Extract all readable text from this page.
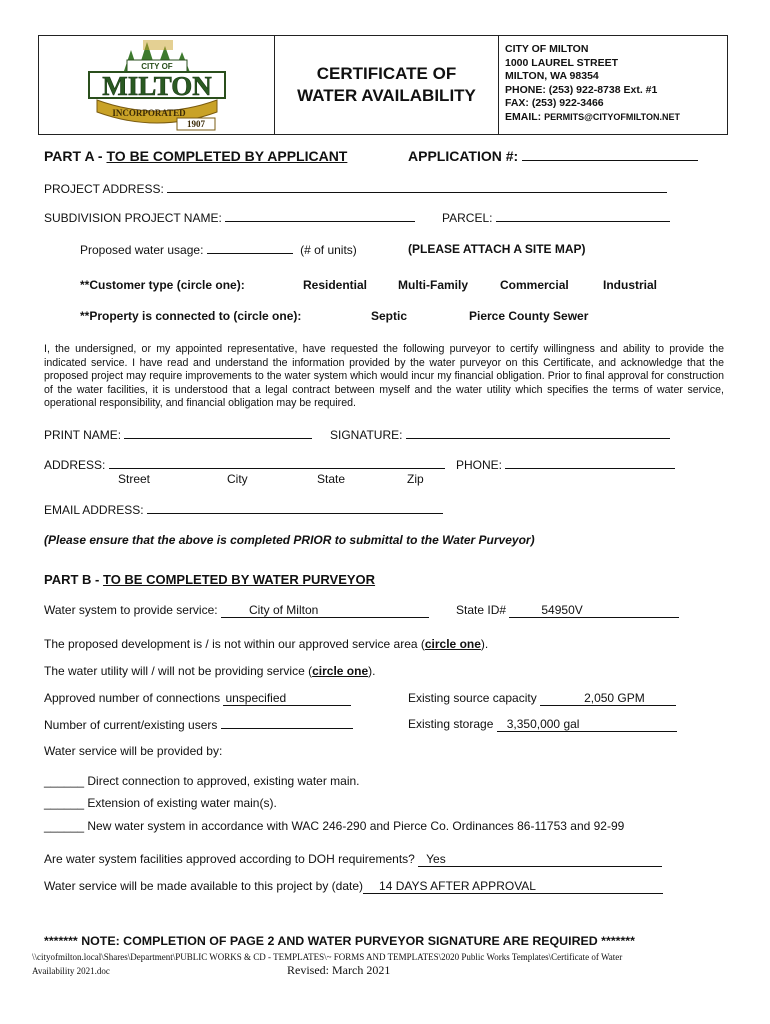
CITY OF
MILTON
INCORPORATED
1907
CERTIFICATE OF
WATER AVAILABILITY
CITY OF MILTON
1000 LAUREL STREET
MILTON, WA 98354
PHONE: (253) 922-8738 Ext. #1
FAX: (253) 922-3466
EMAIL: PERMITS@CITYOFMILTON.NET
PART A - TO BE COMPLETED BY APPLICANT	APPLICATION #:
PROJECT ADDRESS:
SUBDIVISION PROJECT NAME:	PARCEL:
Proposed water usage:	(# of units)	(PLEASE ATTACH A SITE MAP)
**Customer type (circle one):	Residential	Multi-Family	Commercial	Industrial
**Property is connected to (circle one):	Septic	Pierce County Sewer
I, the undersigned, or my appointed representative, have requested the following purveyor to certify willingness and ability to provide the indicated service. I have read and understand the information provided by the water purveyor on this Certificate, and acknowledge that the proposed project may require improvements to the water system which would incur my financial obligation. Prior to final approval for construction of the water facilities, it is understood that a legal contract between myself and the water utility which specifies the terms of water service, operational responsibility, and financial obligation may be required.
PRINT NAME:	SIGNATURE:
ADDRESS:	PHONE:
Street	City	State	Zip
EMAIL ADDRESS:
(Please ensure that the above is completed PRIOR to submittal to the Water Purveyor)
PART B - TO BE COMPLETED BY WATER PURVEYOR
Water system to provide service: City of Milton	State ID#	54950V
The proposed development is / is not within our approved service area (circle one).
The water utility will / will not be providing service (circle one).
Approved number of connections unspecified	Existing source capacity	2,050 GPM
Number of current/existing users	Existing storage 3,350,000 gal
Water service will be provided by:
______ Direct connection to approved, existing water main.
______ Extension of existing water main(s).
______ New water system in accordance with WAC 246-290 and Pierce Co. Ordinances 86-11753 and 92-99
Are water system facilities approved according to DOH requirements? Yes
Water service will be made available to this project by (date) 14 DAYS AFTER APPROVAL
******* NOTE: COMPLETION OF PAGE 2 AND WATER PURVEYOR SIGNATURE ARE REQUIRED *******
\\cityofmilton.local\Shares\Department\PUBLIC WORKS & CD - TEMPLATES\~ FORMS AND TEMPLATES\2020 Public Works Templates\Certificate of Water
Availability 2021.doc	Revised: March 2021
